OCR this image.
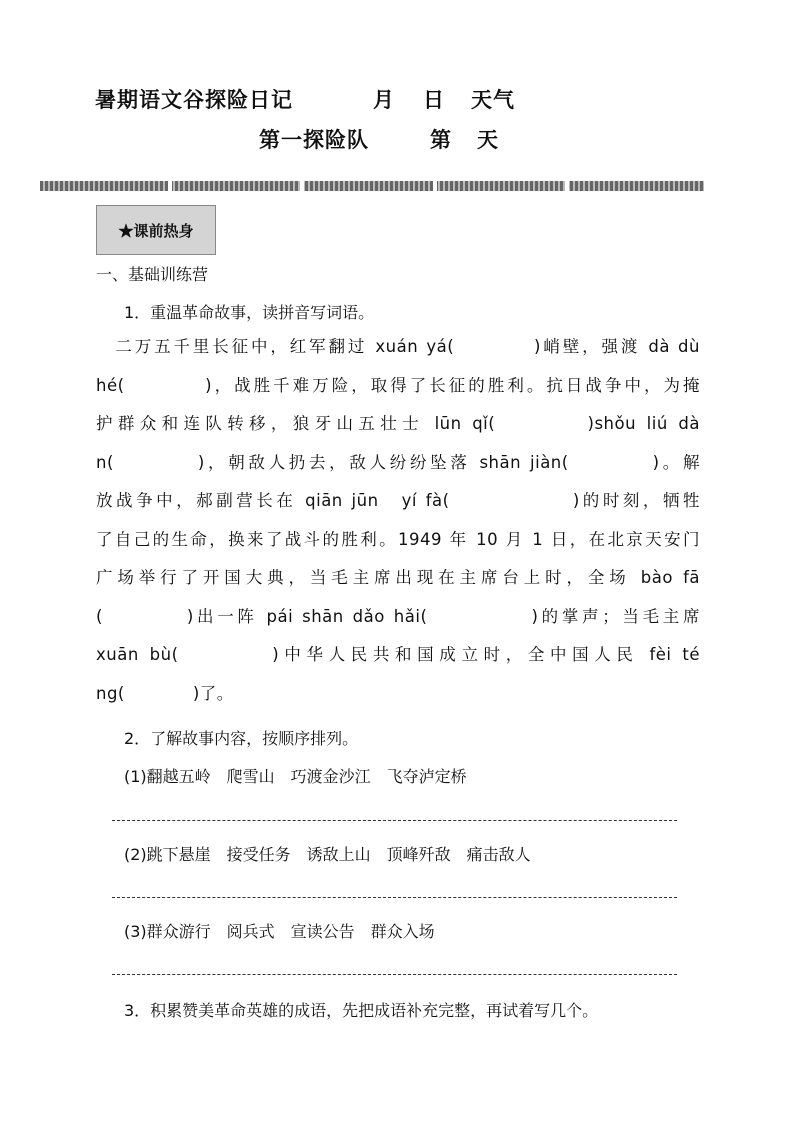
暑期语文谷探险日记	月 日 天气
第一探险队	第 天
★课前热身
一、基础训练营
1．重温革命故事，读拼音写词语。
　二万五千里长征中，红军翻过 xuán yá(　　　　)峭壁，强渡 dà dù
hé(　　　　)，战胜千难万险，取得了长征的胜利。抗日战争中，为掩
护群众和连队转移，狼牙山五壮士 lūn qǐ(　　　　)shǒu liú dà
n(　　　　)，朝敌人扔去，敌人纷纷坠落 shān jiàn(　　　　)。解
放战争中，郝副营长在 qiān jūn　yí fà(　　　　　　)的时刻，牺牲
了自己的生命，换来了战斗的胜利。1949 年 10 月 1 日，在北京天安门
广场举行了开国大典，当毛主席出现在主席台上时，全场 bào fā
(　　　　)出一阵 pái shān dǎo hǎi(　　　　　)的掌声；当毛主席
xuān bù(　　　　)中华人民共和国成立时，全中国人民 fèi té
ng(　　　　)了。
2．了解故事内容，按顺序排列。
(1)翻越五岭　爬雪山　巧渡金沙江　飞夺泸定桥
(2)跳下悬崖　接受任务　诱敌上山　顶峰歼敌　痛击敌人
(3)群众游行　阅兵式　宣读公告　群众入场
3．积累赞美革命英雄的成语，先把成语补充完整，再试着写几个。
